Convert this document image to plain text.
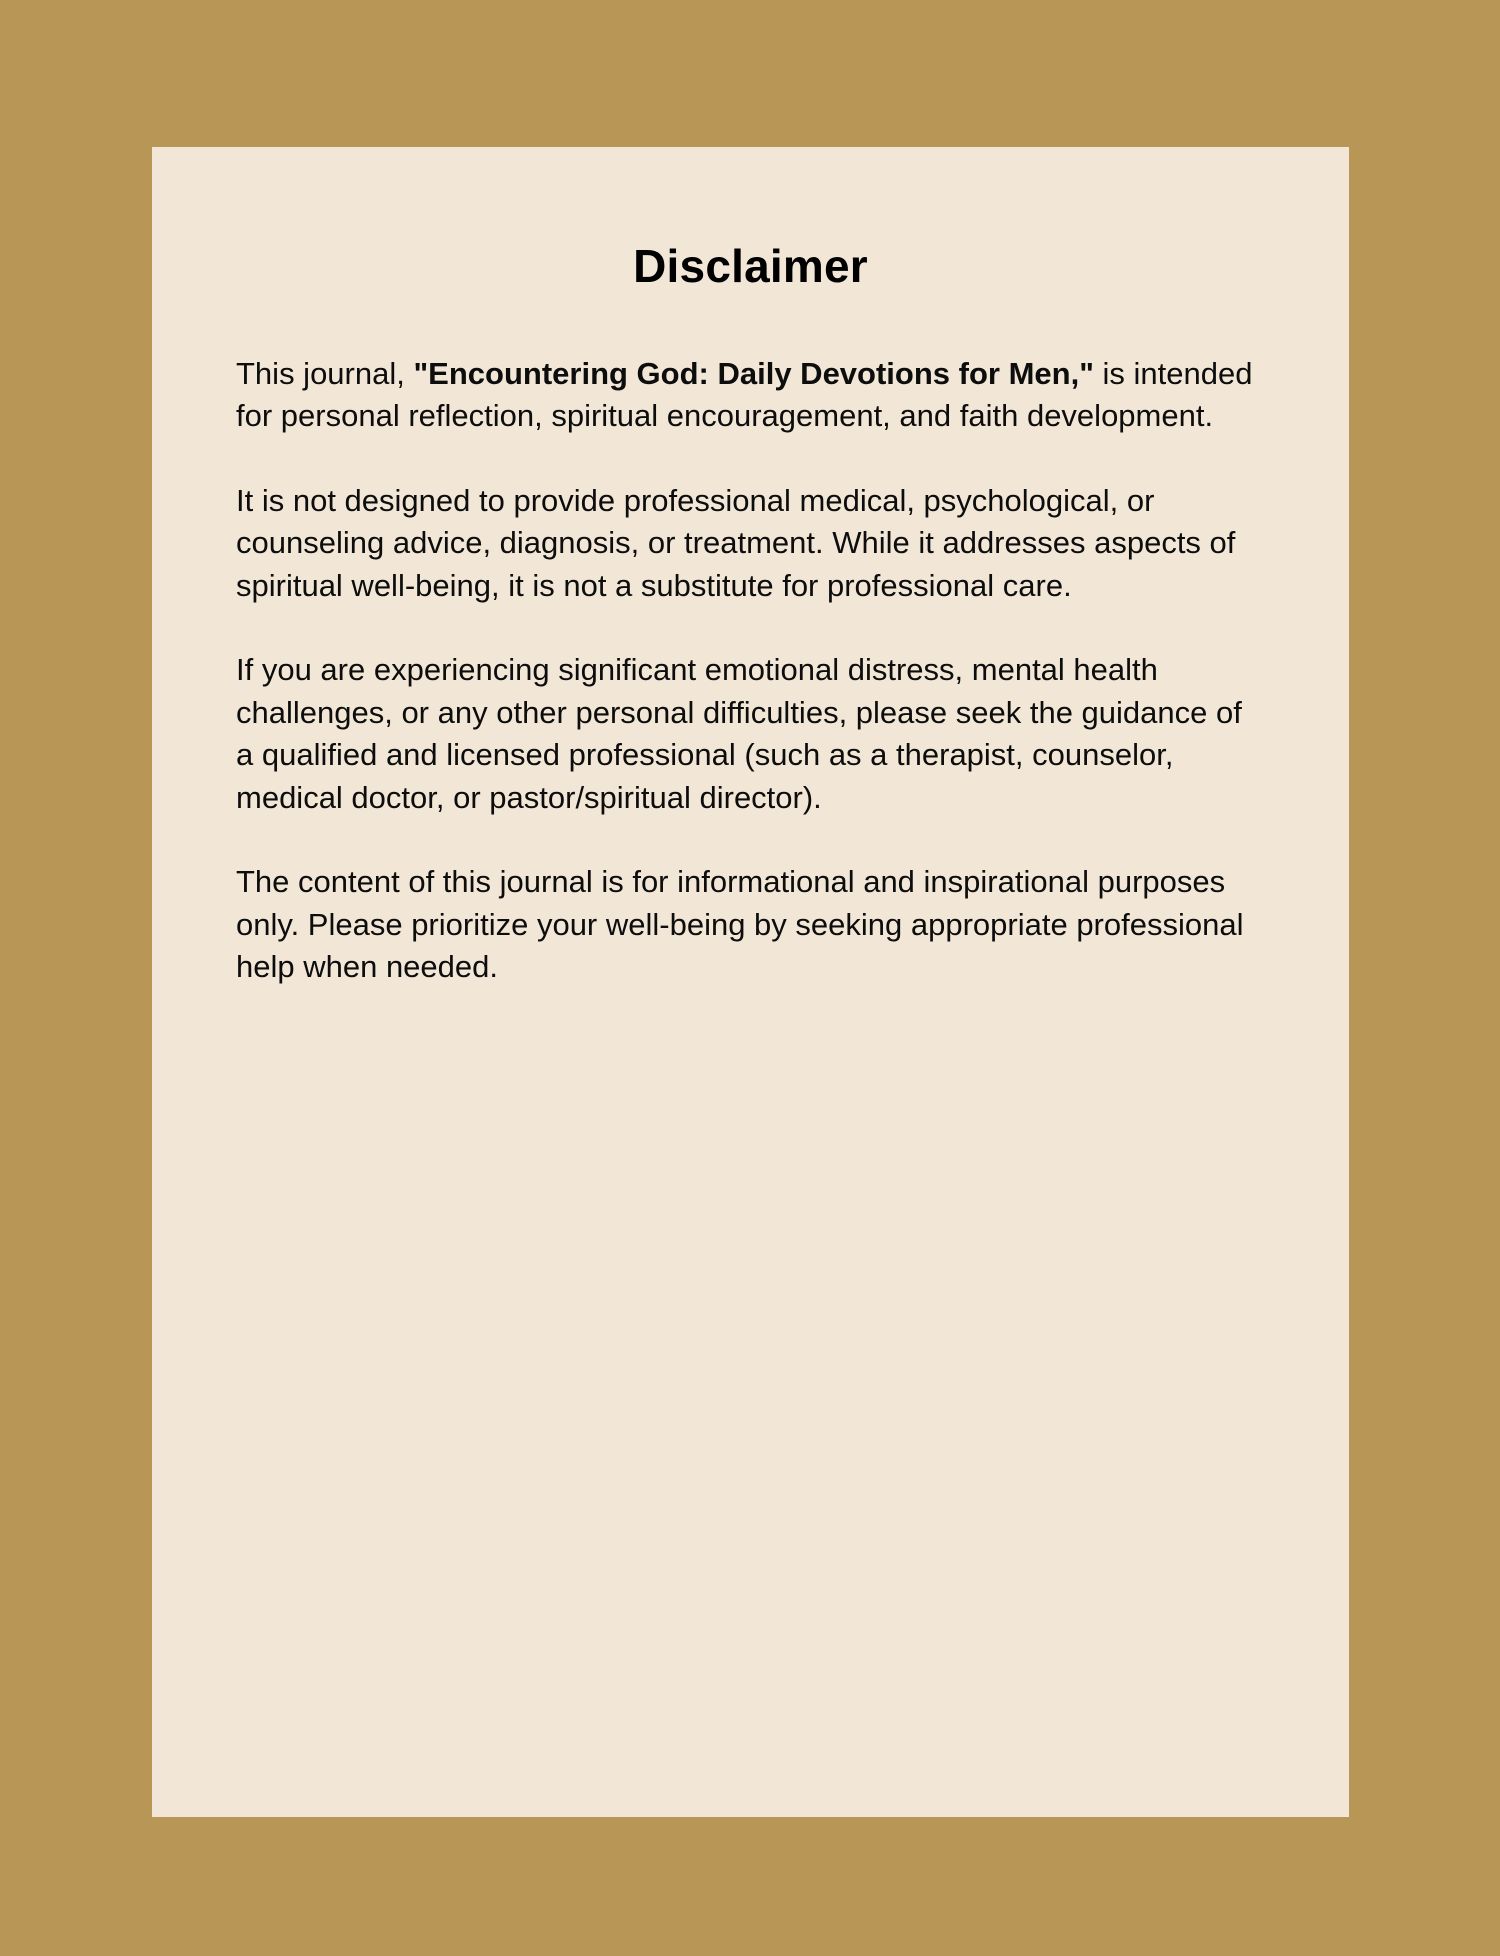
Disclaimer

This journal, "Encountering God: Daily Devotions for Men," is intended for personal reflection, spiritual encouragement, and faith development.

It is not designed to provide professional medical, psychological, or counseling advice, diagnosis, or treatment. While it addresses aspects of spiritual well-being, it is not a substitute for professional care.

If you are experiencing significant emotional distress, mental health challenges, or any other personal difficulties, please seek the guidance of a qualified and licensed professional (such as a therapist, counselor, medical doctor, or pastor/spiritual director).

The content of this journal is for informational and inspirational purposes only. Please prioritize your well-being by seeking appropriate professional help when needed.
